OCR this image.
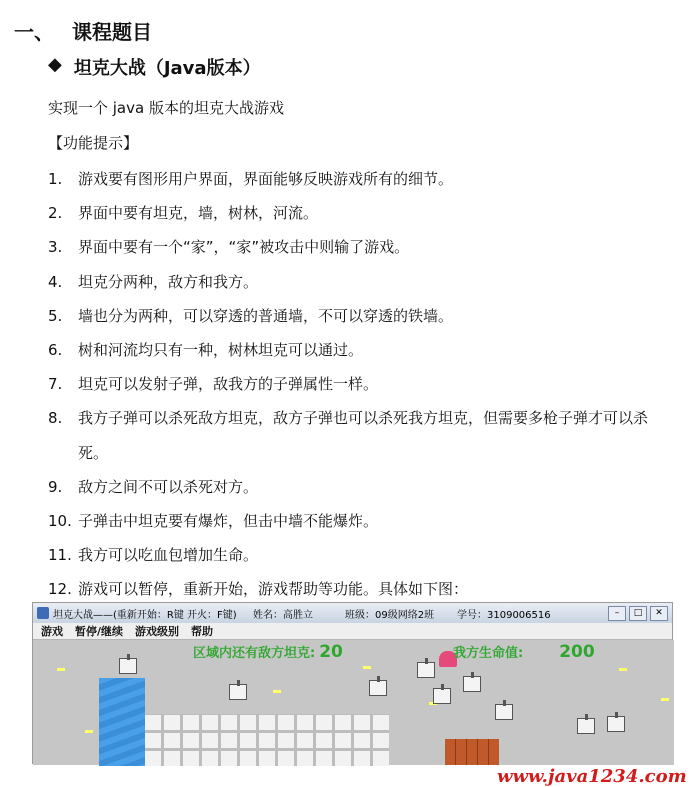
一、 课程题目
◆ 坦克大战（Java版本）
实现一个 java 版本的坦克大战游戏
【功能提示】
1.	游戏要有图形用户界面，界面能够反映游戏所有的细节。
2.	界面中要有坦克，墙，树林，河流。
3.	界面中要有一个“家”，“家”被攻击中则输了游戏。
4.	坦克分两种，敌方和我方。
5.	墙也分为两种，可以穿透的普通墙，不可以穿透的铁墙。
6.	树和河流均只有一种，树林坦克可以通过。
7.	坦克可以发射子弹，敌我方的子弹属性一样。
8.	我方子弹可以杀死敌方坦克，敌方子弹也可以杀死我方坦克，但需要多枪子弹才可以杀死。
9.	敌方之间不可以杀死对方。
10. 子弹击中坦克要有爆炸，但击中墙不能爆炸。
11. 我方可以吃血包增加生命。
12. 游戏可以暂停，重新开始，游戏帮助等功能。具体如下图：
坦克大战——(重新开始：R键 开火：F键)	姓名：高胜立	班级：09级网络2班	学号：3109006516	–	□	✕
游戏 暂停/继续 游戏级别 帮助
区域内还有敌方坦克: 20	我方生命值: 200
www.java1234.com
